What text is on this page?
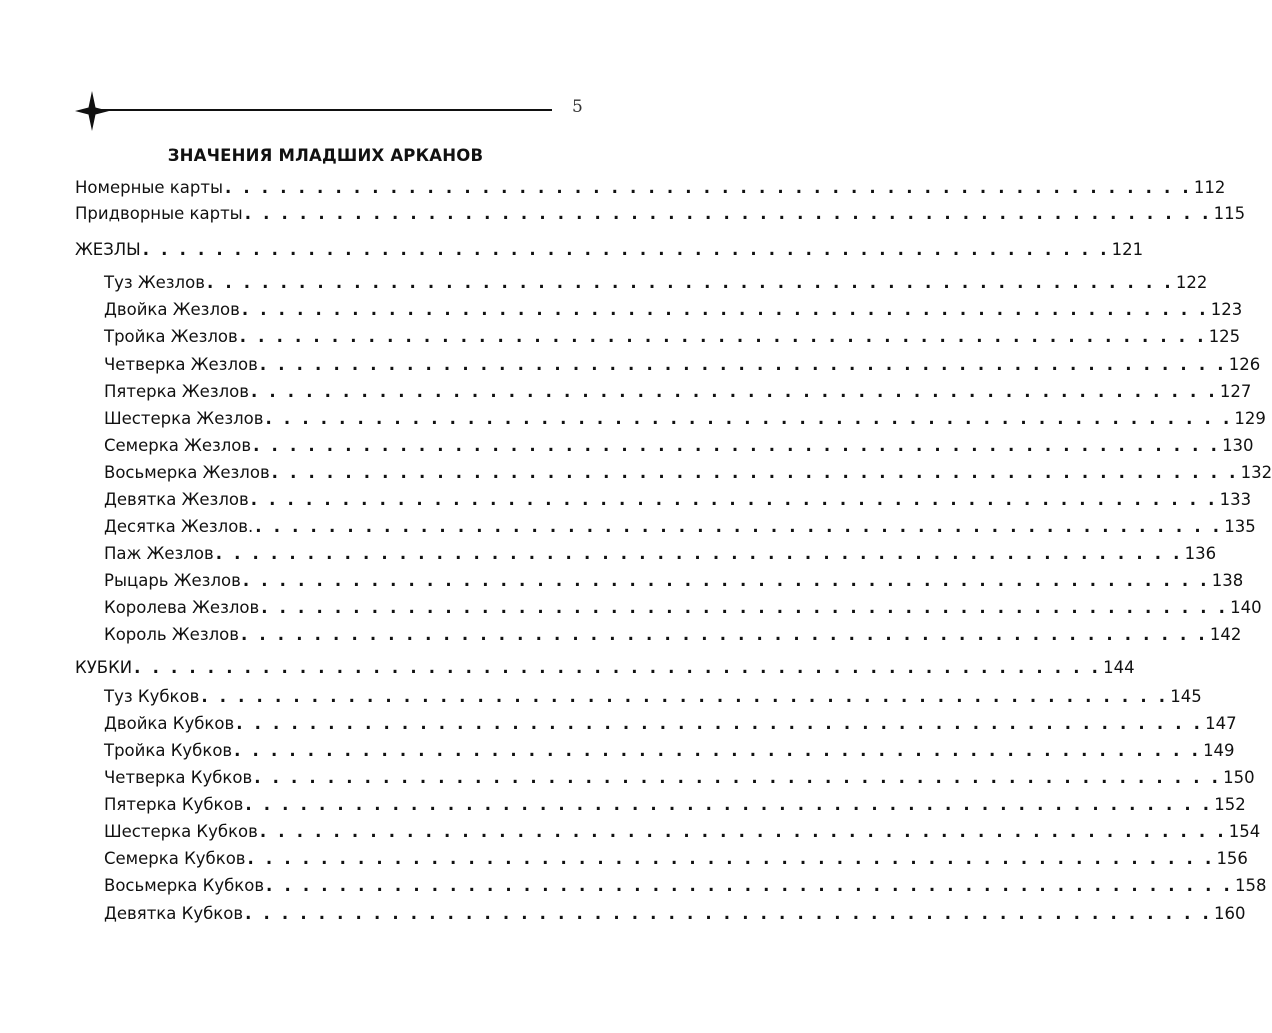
5
ЗНАЧЕНИЯ МЛАДШИХ АРКАНОВ
Номерные карты . . . . . . . . . . . . . . . . . . . . . . . . . . . . . . . . . . . . . . . . . . . . . . . . . . . . . 112
Придворные карты . . . . . . . . . . . . . . . . . . . . . . . . . . . . . . . . . . . . . . . . . . . . . . . . . . . . . 115
ЖЕЗЛЫ . . . . . . . . . . . . . . . . . . . . . . . . . . . . . . . . . . . . . . . . . . . . . . . . . . . . . 121
Туз Жезлов . . . . . . . . . . . . . . . . . . . . . . . . . . . . . . . . . . . . . . . . . . . . . . . . . . . . . 122
Двойка Жезлов . . . . . . . . . . . . . . . . . . . . . . . . . . . . . . . . . . . . . . . . . . . . . . . . . . . . . 123
Тройка Жезлов . . . . . . . . . . . . . . . . . . . . . . . . . . . . . . . . . . . . . . . . . . . . . . . . . . . . . 125
Четверка Жезлов . . . . . . . . . . . . . . . . . . . . . . . . . . . . . . . . . . . . . . . . . . . . . . . . . . . . . 126
Пятерка Жезлов . . . . . . . . . . . . . . . . . . . . . . . . . . . . . . . . . . . . . . . . . . . . . . . . . . . . . 127
Шестерка Жезлов . . . . . . . . . . . . . . . . . . . . . . . . . . . . . . . . . . . . . . . . . . . . . . . . . . . . . 129
Семерка Жезлов . . . . . . . . . . . . . . . . . . . . . . . . . . . . . . . . . . . . . . . . . . . . . . . . . . . . . 130
Восьмерка Жезлов . . . . . . . . . . . . . . . . . . . . . . . . . . . . . . . . . . . . . . . . . . . . . . . . . . . . . 132
Девятка Жезлов . . . . . . . . . . . . . . . . . . . . . . . . . . . . . . . . . . . . . . . . . . . . . . . . . . . . . 133
Десятка Жезлов. . . . . . . . . . . . . . . . . . . . . . . . . . . . . . . . . . . . . . . . . . . . . . . . . . . . . . 135
Паж Жезлов . . . . . . . . . . . . . . . . . . . . . . . . . . . . . . . . . . . . . . . . . . . . . . . . . . . . . 136
Рыцарь Жезлов . . . . . . . . . . . . . . . . . . . . . . . . . . . . . . . . . . . . . . . . . . . . . . . . . . . . . 138
Королева Жезлов . . . . . . . . . . . . . . . . . . . . . . . . . . . . . . . . . . . . . . . . . . . . . . . . . . . . . 140
Король Жезлов . . . . . . . . . . . . . . . . . . . . . . . . . . . . . . . . . . . . . . . . . . . . . . . . . . . . . 142
КУБКИ . . . . . . . . . . . . . . . . . . . . . . . . . . . . . . . . . . . . . . . . . . . . . . . . . . . . . 144
Туз Кубков . . . . . . . . . . . . . . . . . . . . . . . . . . . . . . . . . . . . . . . . . . . . . . . . . . . . . 145
Двойка Кубков . . . . . . . . . . . . . . . . . . . . . . . . . . . . . . . . . . . . . . . . . . . . . . . . . . . . . 147
Тройка Кубков . . . . . . . . . . . . . . . . . . . . . . . . . . . . . . . . . . . . . . . . . . . . . . . . . . . . . 149
Четверка Кубков . . . . . . . . . . . . . . . . . . . . . . . . . . . . . . . . . . . . . . . . . . . . . . . . . . . . . 150
Пятерка Кубков . . . . . . . . . . . . . . . . . . . . . . . . . . . . . . . . . . . . . . . . . . . . . . . . . . . . . 152
Шестерка Кубков . . . . . . . . . . . . . . . . . . . . . . . . . . . . . . . . . . . . . . . . . . . . . . . . . . . . . 154
Семерка Кубков . . . . . . . . . . . . . . . . . . . . . . . . . . . . . . . . . . . . . . . . . . . . . . . . . . . . . 156
Восьмерка Кубков . . . . . . . . . . . . . . . . . . . . . . . . . . . . . . . . . . . . . . . . . . . . . . . . . . . . . 158
Девятка Кубков . . . . . . . . . . . . . . . . . . . . . . . . . . . . . . . . . . . . . . . . . . . . . . . . . . . . . 160
